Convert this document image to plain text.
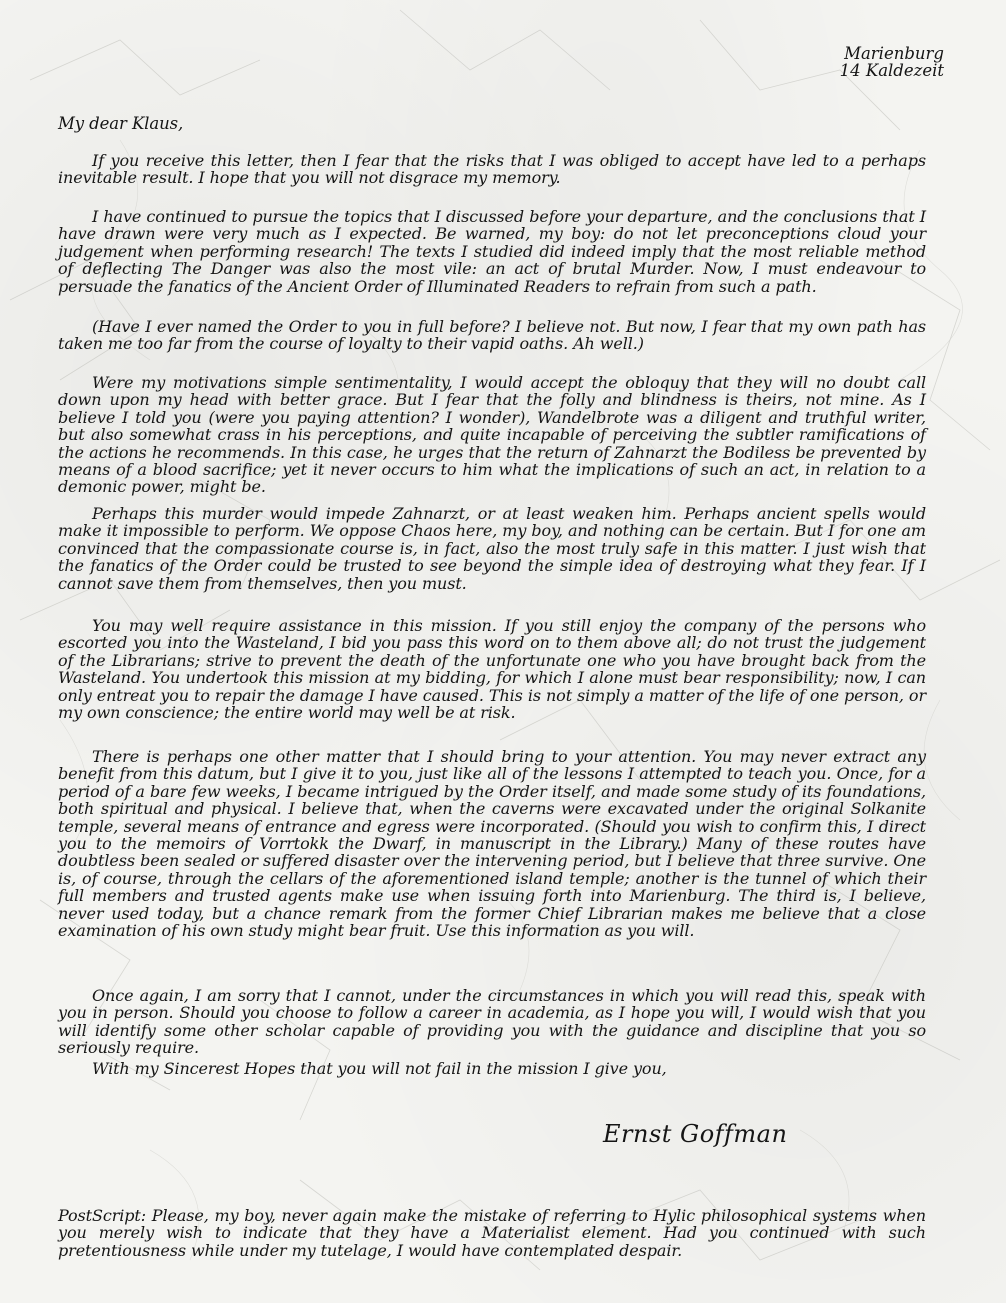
Marienburg
14 Kaldezeit
My dear Klaus,

If you receive this letter, then I fear that the risks that I was obliged to accept have led to a perhaps inevitable result. I hope that you will not disgrace my memory.

I have continued to pursue the topics that I discussed before your departure, and the conclusions that I have drawn were very much as I expected. Be warned, my boy: do not let preconceptions cloud your judgement when performing research! The texts I studied did indeed imply that the most reliable method of deflecting The Danger was also the most vile: an act of brutal Murder. Now, I must endeavour to persuade the fanatics of the Ancient Order of Illuminated Readers to refrain from such a path.

(Have I ever named the Order to you in full before? I believe not. But now, I fear that my own path has taken me too far from the course of loyalty to their vapid oaths. Ah well.)

Were my motivations simple sentimentality, I would accept the obloquy that they will no doubt call down upon my head with better grace. But I fear that the folly and blindness is theirs, not mine. As I believe I told you (were you paying attention? I wonder), Wandelbrote was a diligent and truthful writer, but also somewhat crass in his perceptions, and quite incapable of perceiving the subtler ramifications of the actions he recommends. In this case, he urges that the return of Zahnarzt the Bodiless be prevented by means of a blood sacrifice; yet it never occurs to him what the implications of such an act, in relation to a demonic power, might be.

Perhaps this murder would impede Zahnarzt, or at least weaken him. Perhaps ancient spells would make it impossible to perform. We oppose Chaos here, my boy, and nothing can be certain. But I for one am convinced that the compassionate course is, in fact, also the most truly safe in this matter. I just wish that the fanatics of the Order could be trusted to see beyond the simple idea of destroying what they fear. If I cannot save them from themselves, then you must.

You may well require assistance in this mission. If you still enjoy the company of the persons who escorted you into the Wasteland, I bid you pass this word on to them above all; do not trust the judgement of the Librarians; strive to prevent the death of the unfortunate one who you have brought back from the Wasteland. You undertook this mission at my bidding, for which I alone must bear responsibility; now, I can only entreat you to repair the damage I have caused. This is not simply a matter of the life of one person, or my own conscience; the entire world may well be at risk.

There is perhaps one other matter that I should bring to your attention. You may never extract any benefit from this datum, but I give it to you, just like all of the lessons I attempted to teach you. Once, for a period of a bare few weeks, I became intrigued by the Order itself, and made some study of its foundations, both spiritual and physical. I believe that, when the caverns were excavated under the original Solkanite temple, several means of entrance and egress were incorporated. (Should you wish to confirm this, I direct you to the memoirs of Vorrtokk the Dwarf, in manuscript in the Library.) Many of these routes have doubtless been sealed or suffered disaster over the intervening period, but I believe that three survive. One is, of course, through the cellars of the aforementioned island temple; another is the tunnel of which their full members and trusted agents make use when issuing forth into Marienburg. The third is, I believe, never used today, but a chance remark from the former Chief Librarian makes me believe that a close examination of his own study might bear fruit. Use this information as you will.

Once again, I am sorry that I cannot, under the circumstances in which you will read this, speak with you in person. Should you choose to follow a career in academia, as I hope you will, I would wish that you will identify some other scholar capable of providing you with the guidance and discipline that you so seriously require.

With my Sincerest Hopes that you will not fail in the mission I give you,
Ernst Goffman

PostScript: Please, my boy, never again make the mistake of referring to Hylic philosophical systems when you merely wish to indicate that they have a Materialist element. Had you continued with such pretentiousness while under my tutelage, I would have contemplated despair.
